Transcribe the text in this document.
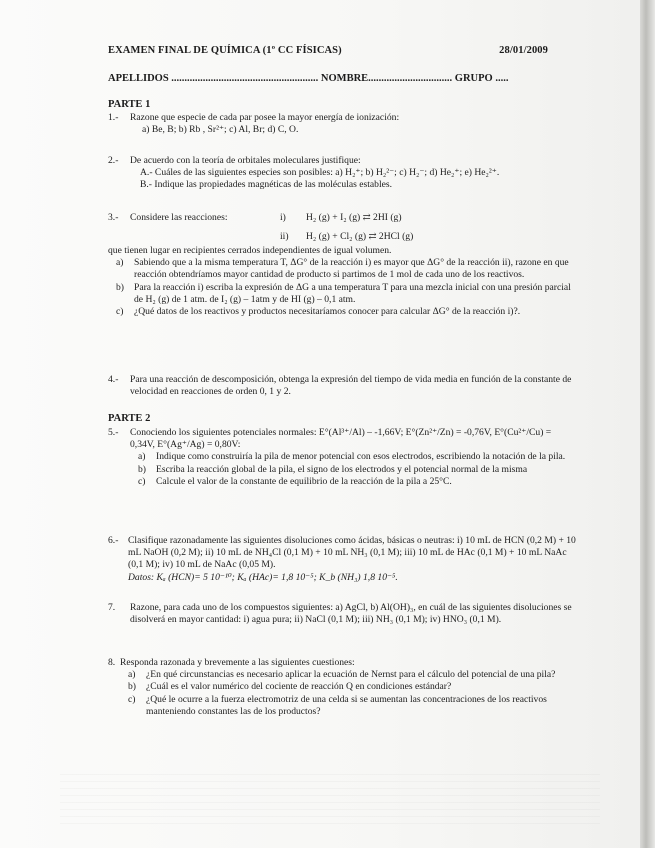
EXAMEN FINAL DE QUÍMICA (1º CC FÍSICAS)	28/01/2009
APELLIDOS ........................................................ NOMBRE................................ GRUPO .....
PARTE 1
1.- Razone que especie de cada par posee la mayor energía de ionización:
a) Be, B; b) Rb , Sr²⁺; c) Al, Br; d) C, O.
2.- De acuerdo con la teoría de orbitales moleculares justifique:
A.- Cuáles de las siguientes especies son posibles: a) H₂⁺; b) H₂²⁻; c) H₂⁻; d) He₂⁺; e) He₂²⁺.
B.- Indique las propiedades magnéticas de las moléculas estables.
3.- Considere las reacciones:	i) H₂ (g) + I₂ (g) ⇄ 2HI (g)
ii) H₂ (g) + Cl₂ (g) ⇄ 2HCl (g)
que tienen lugar en recipientes cerrados independientes de igual volumen.
a) Sabiendo que a la misma temperatura T, ΔG° de la reacción i) es mayor que ΔG° de la reacción ii), razone en que reacción obtendríamos mayor cantidad de producto si partimos de 1 mol de cada uno de los reactivos.
b) Para la reacción i) escriba la expresión de ΔG a una temperatura T para una mezcla inicial con una presión parcial de H₂ (g) de 1 atm. de I₂ (g) – 1atm y de HI (g) – 0,1 atm.
c) ¿Qué datos de los reactivos y productos necesitaríamos conocer para calcular ΔG° de la reacción i)?.
4.- Para una reacción de descomposición, obtenga la expresión del tiempo de vida media en función de la constante de velocidad en reacciones de orden 0, 1 y 2.
PARTE 2
5.- Conociendo los siguientes potenciales normales: E°(Al³⁺/Al) – -1,66V; E°(Zn²⁺/Zn) = -0,76V, E°(Cu²⁺/Cu) = 0,34V, E°(Ag⁺/Ag) = 0,80V:
a) Indique como construiría la pila de menor potencial con esos electrodos, escribiendo la notación de la pila.
b) Escriba la reacción global de la pila, el signo de los electrodos y el potencial normal de la misma
c) Calcule el valor de la constante de equilibrio de la reacción de la pila a 25°C.
6.- Clasifique razonadamente las siguientes disoluciones como ácidas, básicas o neutras: i) 10 mL de HCN (0,2 M) + 10 mL NaOH (0,2 M); ii) 10 mL de NH₄Cl (0,1 M) + 10 mL NH₃ (0,1 M); iii) 10 mL de HAc (0,1 M) + 10 mL NaAc (0,1 M); iv) 10 mL de NaAc (0,05 M).
Datos: Kₐ (HCN)= 5 10⁻¹⁰; Kₐ (HAc)= 1,8 10⁻⁵; K_b (NH₃) 1,8 10⁻⁵.
7. Razone, para cada uno de los compuestos siguientes: a) AgCl, b) Al(OH)₃, en cuál de las siguientes disoluciones se disolverá en mayor cantidad: i) agua pura; ii) NaCl (0,1 M); iii) NH₃ (0,1 M); iv) HNO₃ (0,1 M).
8. Responda razonada y brevemente a las siguientes cuestiones:
a) ¿En qué circunstancias es necesario aplicar la ecuación de Nernst para el cálculo del potencial de una pila?
b) ¿Cuál es el valor numérico del cociente de reacción Q en condiciones estándar?
c) ¿Qué le ocurre a la fuerza electromotriz de una celda si se aumentan las concentraciones de los reactivos manteniendo constantes las de los productos?
